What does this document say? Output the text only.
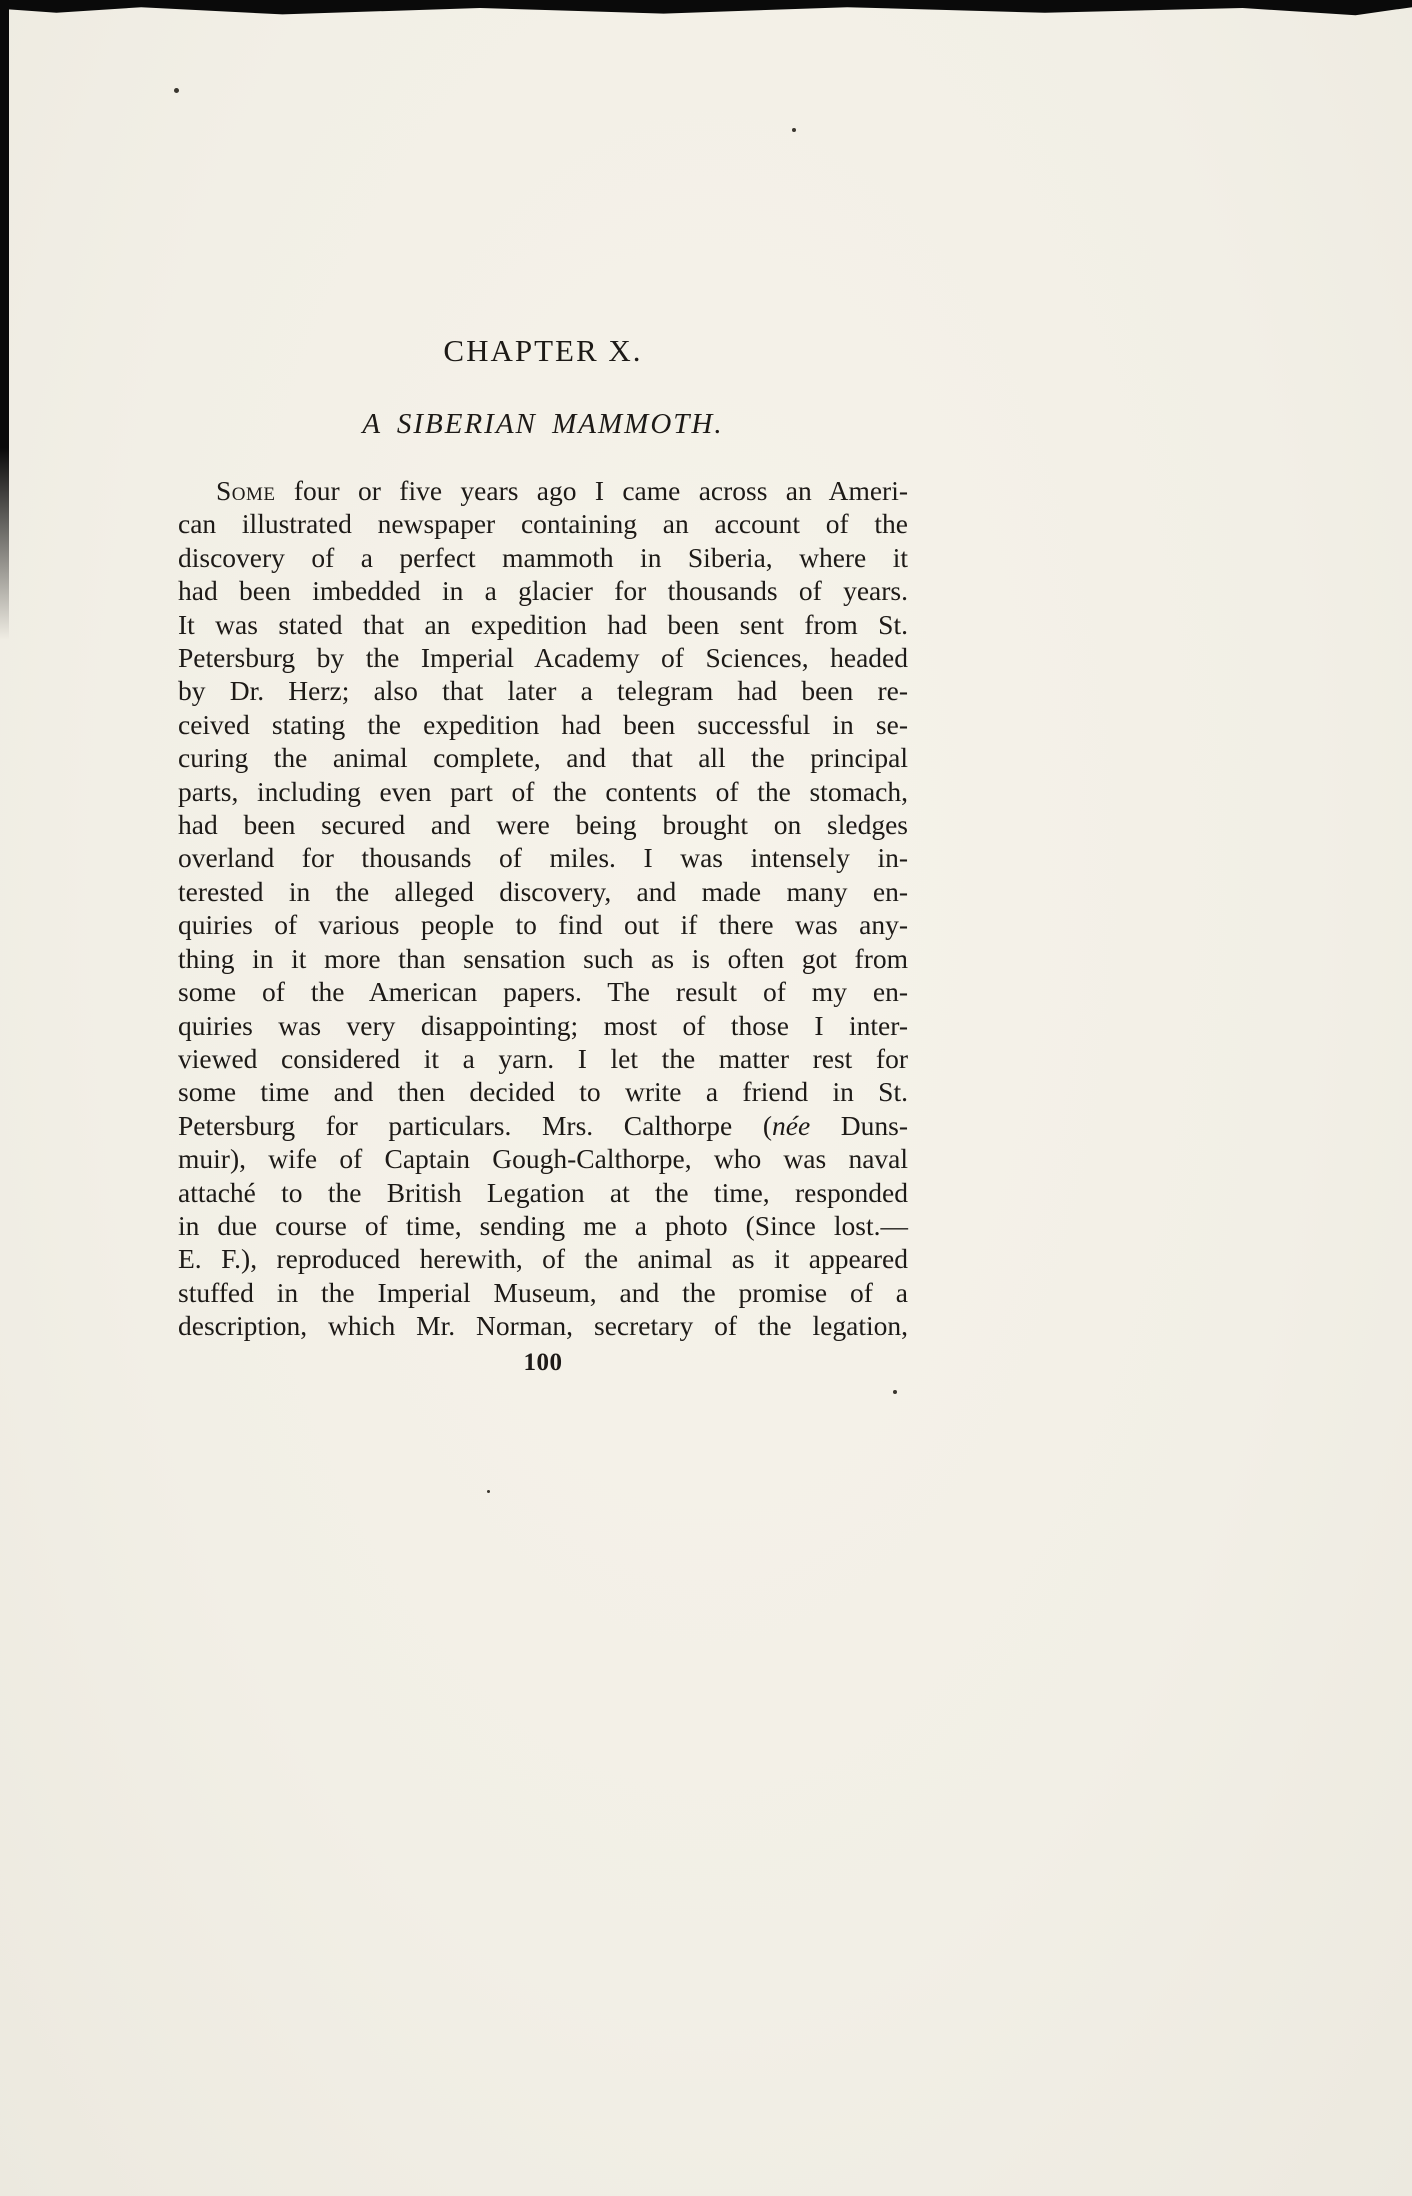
CHAPTER X.
A SIBERIAN MAMMOTH.
Some four or five years ago I came across an Ameri-
can illustrated newspaper containing an account of the
discovery of a perfect mammoth in Siberia, where it
had been imbedded in a glacier for thousands of years.
It was stated that an expedition had been sent from St.
Petersburg by the Imperial Academy of Sciences, headed
by Dr. Herz; also that later a telegram had been re-
ceived stating the expedition had been successful in se-
curing the animal complete, and that all the principal
parts, including even part of the contents of the stomach,
had been secured and were being brought on sledges
overland for thousands of miles. I was intensely in-
terested in the alleged discovery, and made many en-
quiries of various people to find out if there was any-
thing in it more than sensation such as is often got from
some of the American papers. The result of my en-
quiries was very disappointing; most of those I inter-
viewed considered it a yarn. I let the matter rest for
some time and then decided to write a friend in St.
Petersburg for particulars. Mrs. Calthorpe (née Duns-
muir), wife of Captain Gough-Calthorpe, who was naval
attaché to the British Legation at the time, responded
in due course of time, sending me a photo (Since lost.—
E. F.), reproduced herewith, of the animal as it appeared
stuffed in the Imperial Museum, and the promise of a
description, which Mr. Norman, secretary of the legation,
100
